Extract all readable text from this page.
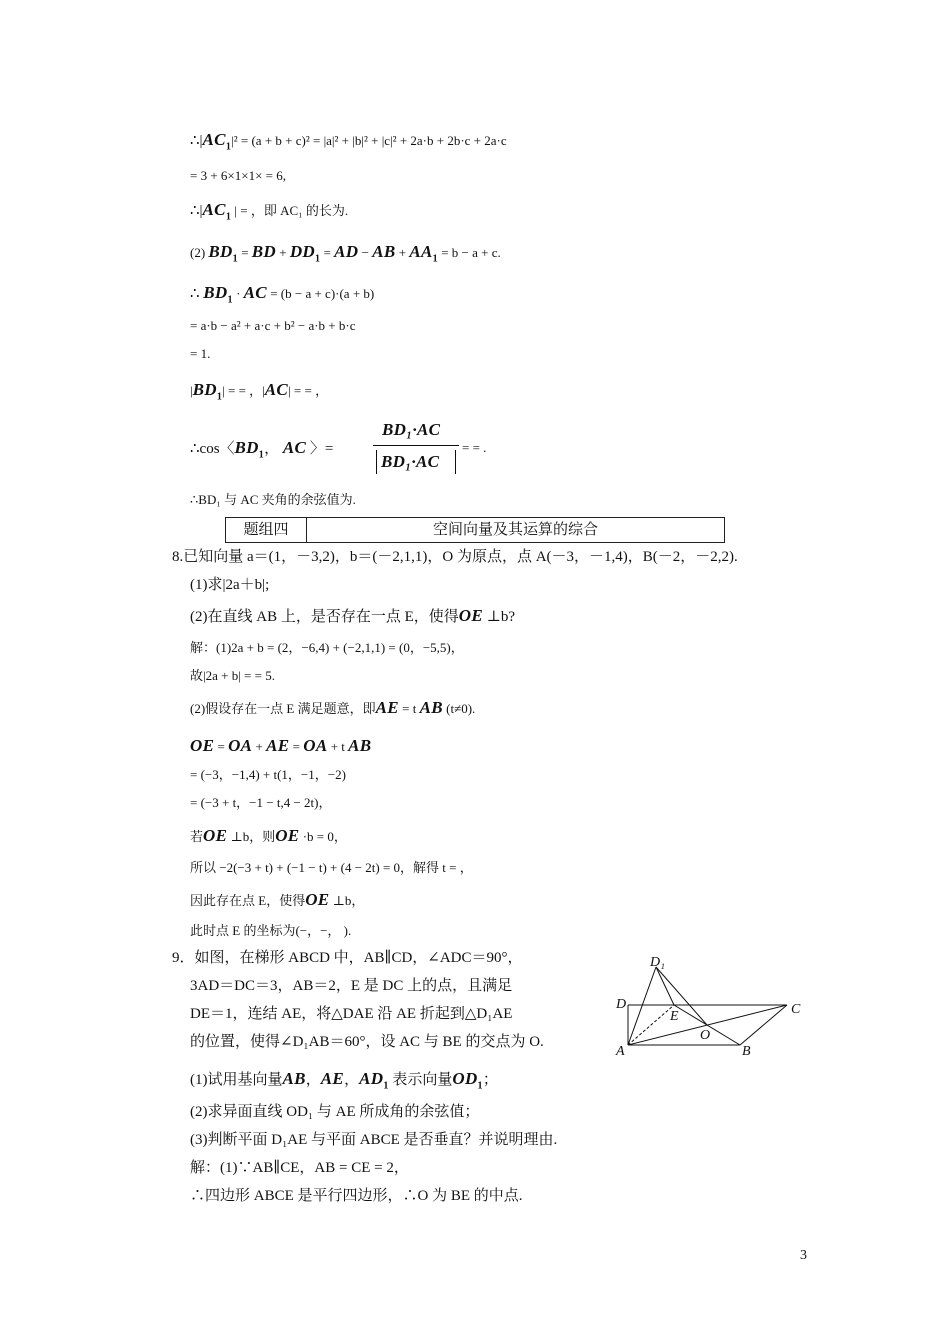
$\therefore|AC_1|^2 = (a + b + c)^2 = |a|^2 + |b|^2 + |c|^2 + 2a\cdot b + 2b\cdot c + 2a\cdot c$
= 3 + 6×1×1× = 6,
$\therefore|AC_1$ | = ，即 AC₁ 的长为.
(2) $BD_1$ = BD + $DD_1$ = AD − AB + $AA_1 = b - a + c$.
∴ $BD_1$ · AC = (b − a + c)·(a + b)
= a·b − a² + a·c + b² − a·b + b·c
= 1.
$|BD_1|$ = = ，|AC| = = ，
∴cos〈$BD_1$， AC 〉=
BD₁·AC
BD₁·AC
= = .
∴BD₁ 与 AC 夹角的余弦值为.
题组四	空间向量及其运算的综合
8.已知向量 a＝(1，－3,2)，b＝(－2,1,1)，O 为原点，点 A(－3，－1,4)，B(－2，－2,2).
(1)求|2a＋b|;
(2)在直线 AB 上，是否存在一点 E，使得OE ⊥b?
解：(1)2a + b = (2，−6,4) + (−2,1,1) = (0，−5,5)，
故|2a + b| = = 5.
(2)假设存在一点 E 满足题意，即AE = t AB (t≠0).
OE = OA + AE = OA + t AB
= (−3，−1,4) + t(1，−1，−2)
= (−3 + t，−1 − t,4 − 2t)，
若OE ⊥b，则OE ·b = 0，
所以 −2(−3 + t) + (−1 − t) + (4 − 2t) = 0，解得 t = ，
因此存在点 E，使得OE ⊥b，
此时点 E 的坐标为(−，−， ).
9．如图，在梯形 ABCD 中，AB∥CD，∠ADC＝90°，
3AD＝DC＝3，AB＝2，E 是 DC 上的点，且满足
DE＝1，连结 AE，将△DAE 沿 AE 折起到△D₁AE
的位置，使得∠D₁AB＝60°，设 AC 与 BE 的交点为 O.
(1)试用基向量AB，AE，$AD_1$ 表示向量$OD_1$；
(2)求异面直线 OD₁ 与 AE 所成角的余弦值；
(3)判断平面 D₁AE 与平面 ABCE 是否垂直？并说明理由.
解：(1)∵AB∥CE，AB = CE = 2，
∴四边形 ABCE 是平行四边形，∴O 为 BE 的中点.
D₁
D
E
O
C
A	B
3
